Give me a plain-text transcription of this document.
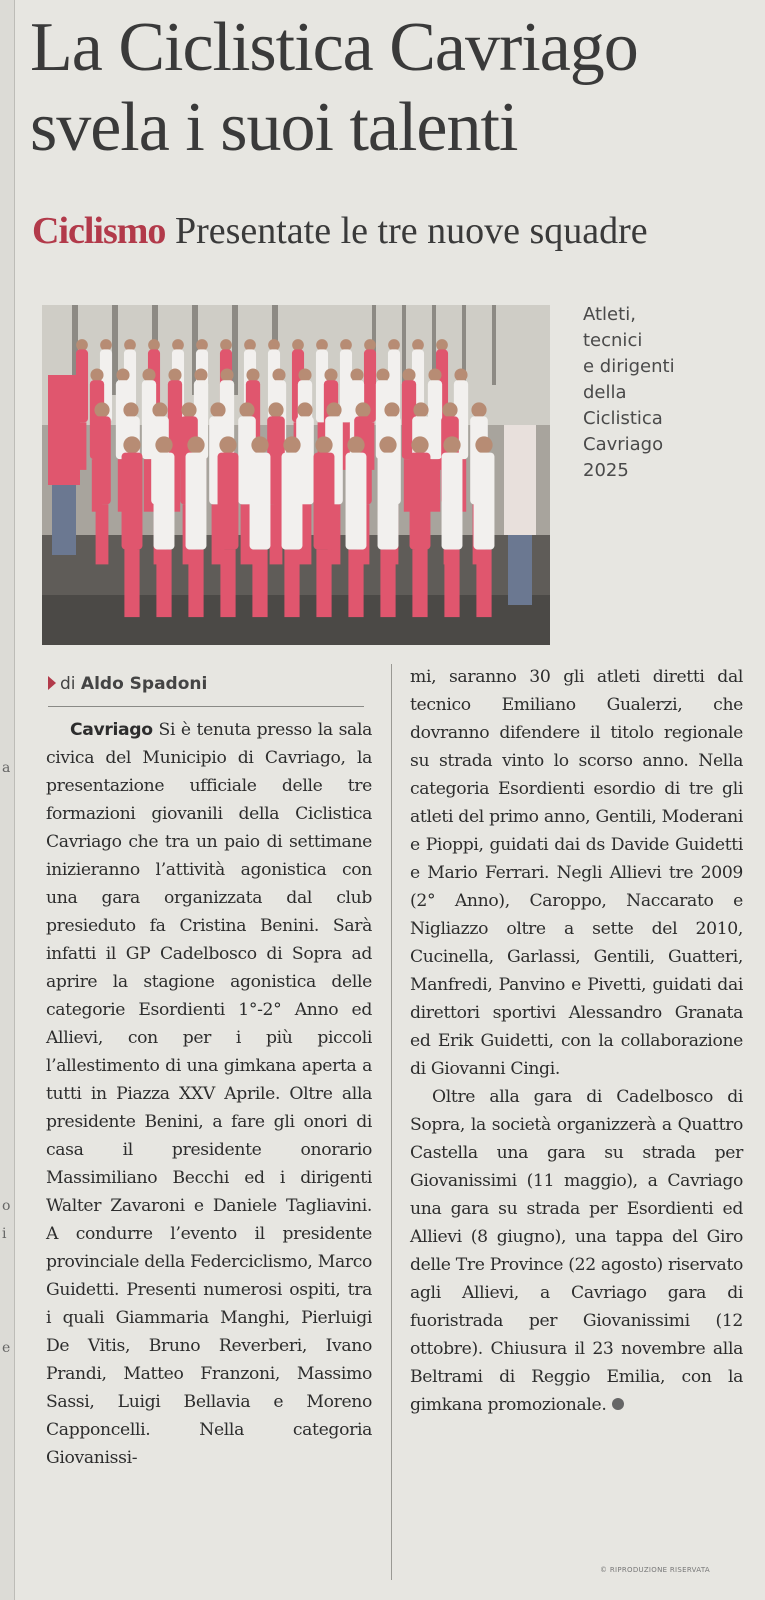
a
o
i
e
La Ciclistica Cavriago
svela i suoi talenti
Ciclismo Presentate le tre nuove squadre

Atleti,
tecnici
e dirigenti
della
Ciclistica
Cavriago
2025

di Aldo Spadoni

Cavriago Si è tenuta presso la sala civica del Municipio di Cavriago, la presentazione ufficiale delle tre formazioni giovanili della Ciclistica Cavriago che tra un paio di settimane inizieranno l’attività agonistica con una gara organizzata dal club presieduto fa Cristina Benini. Sarà infatti il GP Cadelbosco di Sopra ad aprire la stagione agonistica delle categorie Esordienti 1°-2° Anno ed Allievi, con per i più piccoli l’allestimento di una gimkana aperta a tutti in Piazza XXV Aprile. Oltre alla presidente Benini, a fare gli onori di casa il presidente onorario Massimiliano Becchi ed i dirigenti Walter Zavaroni e Daniele Tagliavini. A condurre l’evento il presidente provinciale della Federciclismo, Marco Guidetti. Presenti numerosi ospiti, tra i quali Giammaria Manghi, Pierluigi De Vitis, Bruno Reverberi, Ivano Prandi, Matteo Franzoni, Massimo Sassi, Luigi Bellavia e Moreno Capponcelli. Nella categoria Giovanissi-

mi, saranno 30 gli atleti diretti dal tecnico Emiliano Gualerzi, che dovranno difendere il titolo regionale su strada vinto lo scorso anno. Nella categoria Esordienti esordio di tre gli atleti del primo anno, Gentili, Moderani e Pioppi, guidati dai ds Davide Guidetti e Mario Ferrari. Negli Allievi tre 2009 (2° Anno), Caroppo, Naccarato e Nigliazzo oltre a sette del 2010, Cucinella, Garlassi, Gentili, Guatteri, Manfredi, Panvino e Pivetti, guidati dai direttori sportivi Alessandro Granata ed Erik Guidetti, con la collaborazione di Giovanni Cingi.

Oltre alla gara di Cadelbosco di Sopra, la società organizzerà a Quattro Castella una gara su strada per Giovanissimi (11 maggio), a Cavriago una gara su strada per Esordienti ed Allievi (8 giugno), una tappa del Giro delle Tre Province (22 agosto) riservato agli Allievi, a Cavriago gara di fuoristrada per Giovanissimi (12 ottobre). Chiusura il 23 novembre alla Beltrami di Reggio Emilia, con la gimkana promozionale.

© RIPRODUZIONE RISERVATA
